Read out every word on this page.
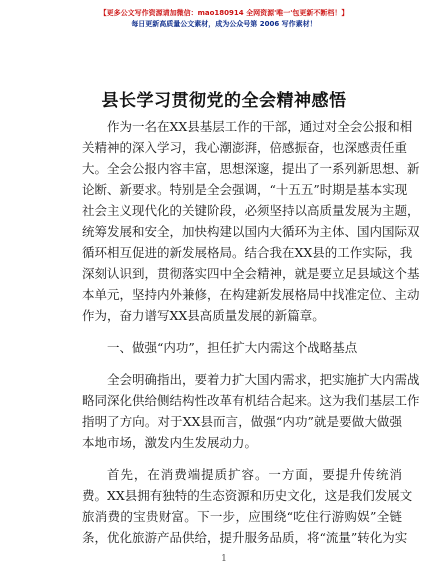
【更多公文写作资源请加微信：mao180914 全网资源'唯一'包更新不断档！】
每日更新高质量公文素材，成为公众号第 2006 写作素材！
县长学习贯彻党的全会精神感悟
作为一名在XX县基层工作的干部，通过对全会公报和相
关精神的深入学习，我心潮澎湃，倍感振奋，也深感责任重
大。全会公报内容丰富，思想深邃，提出了一系列新思想、新
论断、新要求。特别是全会强调，“十五五”时期是基本实现
社会主义现代化的关键阶段，必须坚持以高质量发展为主题，
统筹发展和安全，加快构建以国内大循环为主体、国内国际双
循环相互促进的新发展格局。结合我在XX县的工作实际，我
深刻认识到，贯彻落实四中全会精神，就是要立足县域这个基
本单元，坚持内外兼修，在构建新发展格局中找准定位、主动
作为，奋力谱写XX县高质量发展的新篇章。
一、做强“内功”，担任扩大内需这个战略基点
全会明确指出，要着力扩大国内需求，把实施扩大内需战
略同深化供给侧结构性改革有机结合起来。这为我们基层工作
指明了方向。对于XX县而言，做强“内功”就是要做大做强
本地市场，激发内生发展动力。
首先，在消费端提质扩容。一方面，要提升传统消
费。XX县拥有独特的生态资源和历史文化，这是我们发展文
旅消费的宝贵财富。下一步，应围绕“吃住行游购娱”全链
条，优化旅游产品供给，提升服务品质，将“流量”转化为实
1
